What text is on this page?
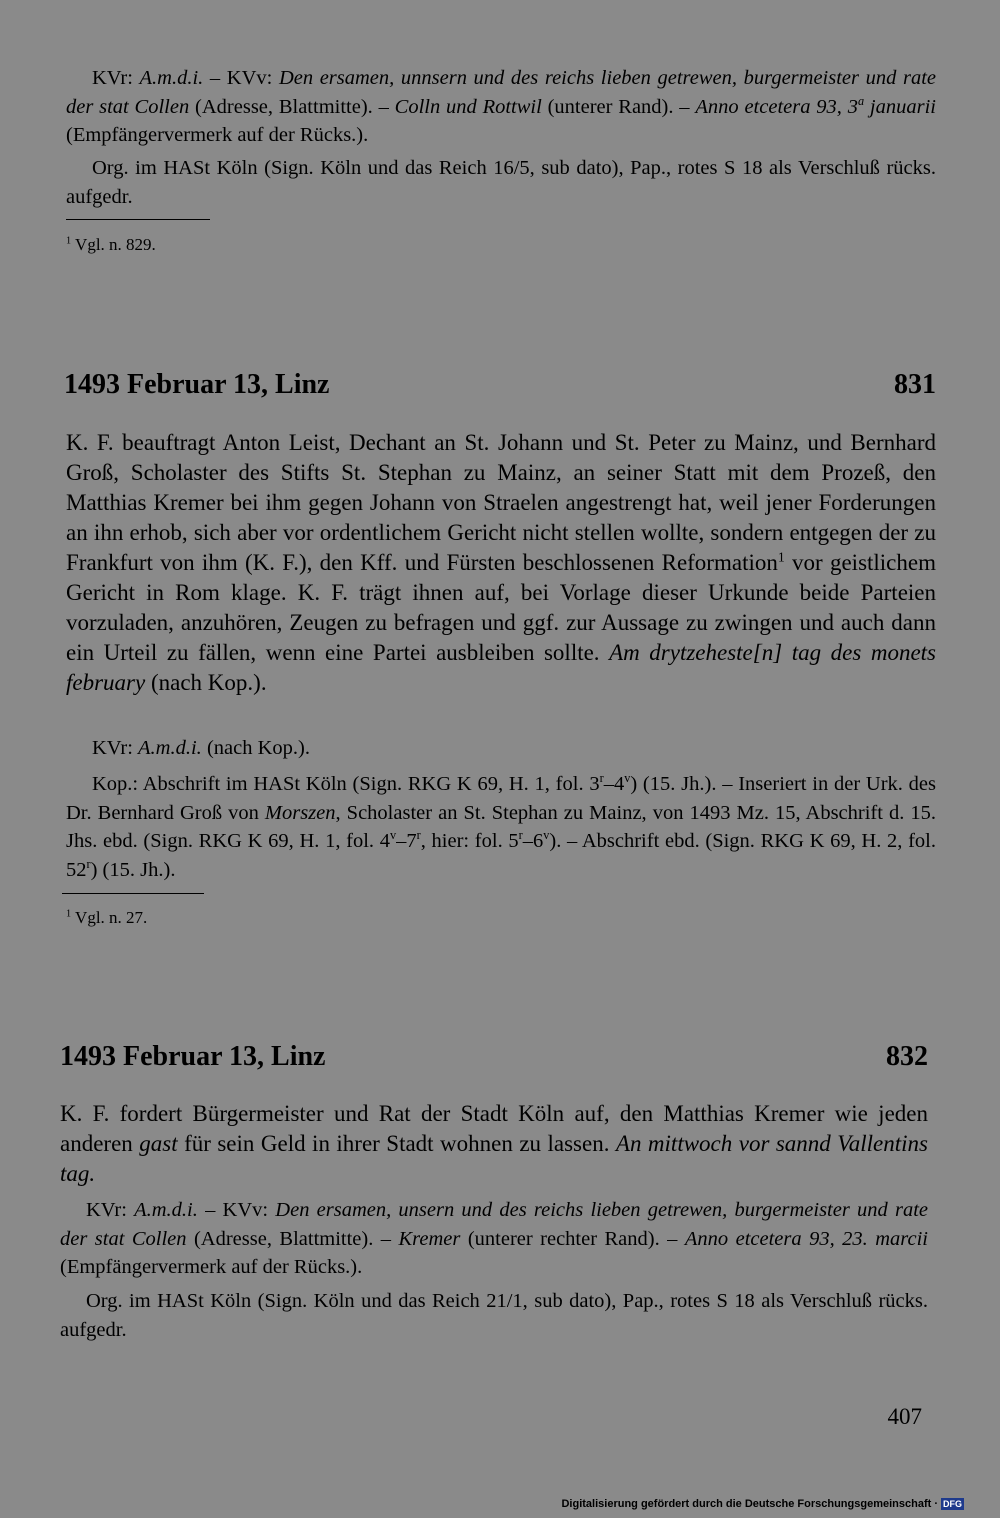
KVr: A.m.d.i. – KVv: Den ersamen, unnsern und des reichs lieben getrewen, burgermeister und rate der stat Collen (Adresse, Blattmitte). – Colln und Rottwil (unterer Rand). – Anno etcetera 93, 3$^a$ januarii (Empfängervermerk auf der Rücks.).
Org. im HASt Köln (Sign. Köln und das Reich 16/5, sub dato), Pap., rotes S 18 als Verschluß rücks. aufgedr.
$^1$ Vgl. n. 829.
1493 Februar 13, Linz	831
K. F. beauftragt Anton Leist, Dechant an St. Johann und St. Peter zu Mainz, und Bernhard Groß, Scholaster des Stifts St. Stephan zu Mainz, an seiner Statt mit dem Prozeß, den Matthias Kremer bei ihm gegen Johann von Straelen angestrengt hat, weil jener Forderungen an ihn erhob, sich aber vor ordentlichem Gericht nicht stellen wollte, sondern entgegen der zu Frankfurt von ihm (K. F.), den Kff. und Fürsten beschlossenen Reformation$^1$ vor geistlichem Gericht in Rom klage. K. F. trägt ihnen auf, bei Vorlage dieser Urkunde beide Parteien vorzuladen, anzuhören, Zeugen zu befragen und ggf. zur Aussage zu zwingen und auch dann ein Urteil zu fällen, wenn eine Partei ausbleiben sollte. Am drytzeheste[n] tag des monets february (nach Kop.).
KVr: A.m.d.i. (nach Kop.).
Kop.: Abschrift im HASt Köln (Sign. RKG K 69, H. 1, fol. 3$^r$–4$^v$) (15. Jh.). – Inseriert in der Urk. des Dr. Bernhard Groß von Morszen, Scholaster an St. Stephan zu Mainz, von 1493 Mz. 15, Abschrift d. 15. Jhs. ebd. (Sign. RKG K 69, H. 1, fol. 4$^v$–7$^r$, hier: fol. 5$^r$–6$^v$). – Abschrift ebd. (Sign. RKG K 69, H. 2, fol. 52$^r$) (15. Jh.).
$^1$ Vgl. n. 27.
1493 Februar 13, Linz	832
K. F. fordert Bürgermeister und Rat der Stadt Köln auf, den Matthias Kremer wie jeden anderen gast für sein Geld in ihrer Stadt wohnen zu lassen. An mittwoch vor sannd Vallentins tag.
KVr: A.m.d.i. – KVv: Den ersamen, unsern und des reichs lieben getrewen, burgermeister und rate der stat Collen (Adresse, Blattmitte). – Kremer (unterer rechter Rand). – Anno etcetera 93, 23. marcii (Empfängervermerk auf der Rücks.).
Org. im HASt Köln (Sign. Köln und das Reich 21/1, sub dato), Pap., rotes S 18 als Verschluß rücks. aufgedr.
407
Digitalisierung gefördert durch die Deutsche Forschungsgemeinschaft · DFG
